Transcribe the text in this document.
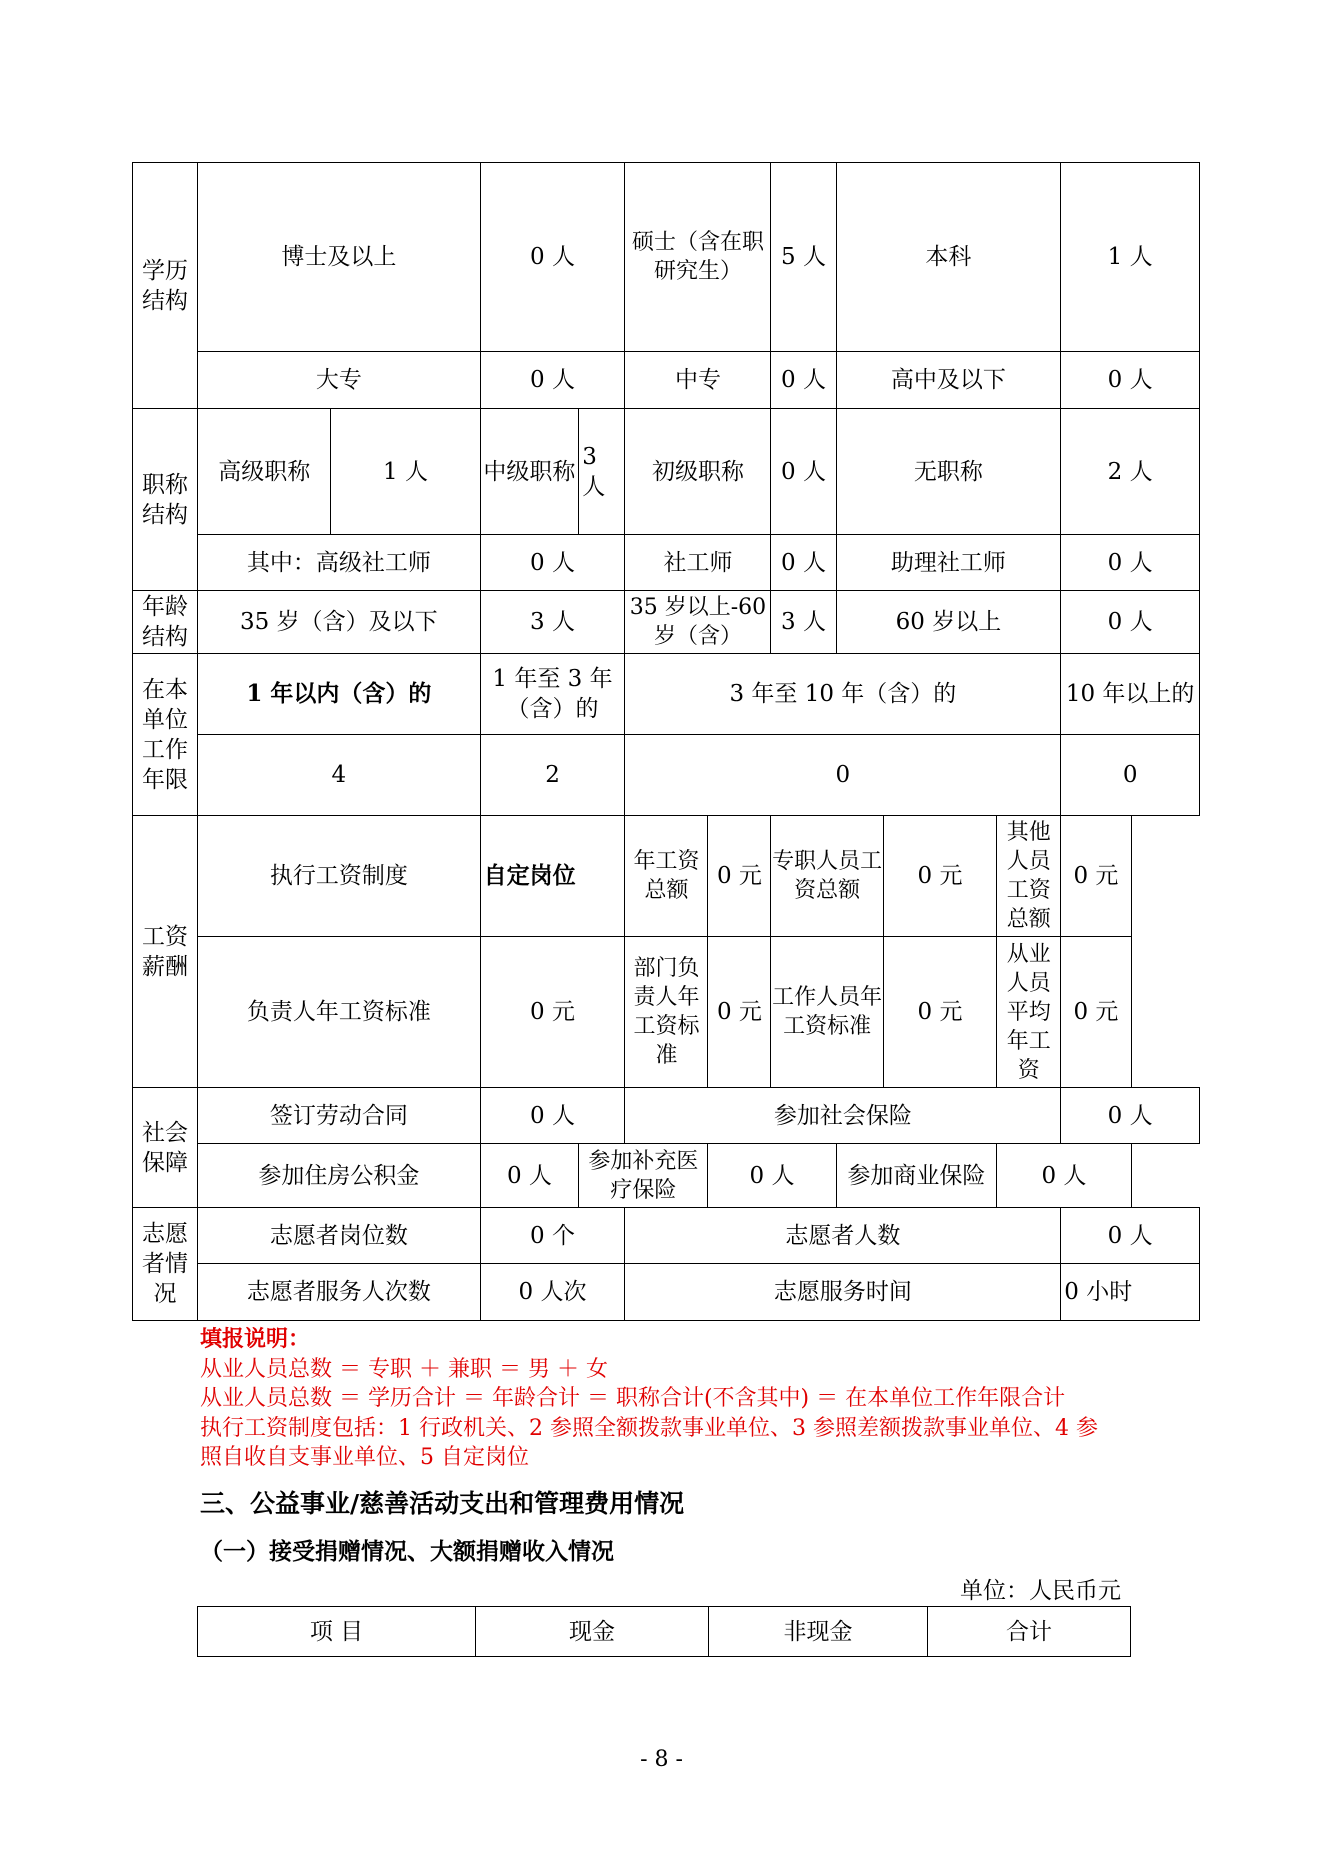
学历结构	博士及以上		0 人		硕士（含在职研究生）		5 人	本科			1 人
	大专		0 人		中专		0 人	高中及以下			0 人
职称结构	高级职称	1 人	中级职称	3 人	初级职称		0 人	无职称			2 人
	其中：高级社工师		0 人		社工师		0 人	助理社工师			0 人
年龄结构	35 岁（含）及以下		3 人		35 岁以上-60 岁（含）		3 人	60 岁以上			0 人
在本单位工作年限	1 年以内（含）的		1 年至 3 年（含）的		3 年至 10 年（含）的						10 年以上的
	4		2		0						0
工资薪酬	执行工资制度		自定岗位		年工资总额	0 元	专职人员工资总额		0 元	其他人员工资总额	0 元
	负责人年工资标准		0 元		部门负责人年工资标准	0 元	工作人员年工资标准		0 元	从业人员平均年工资	0 元
社会保障	签订劳动合同		0 人		参加社会保险						0 人
	参加住房公积金		0 人	参加补充医疗保险		0 人		参加商业保险		0 人	
志愿者情况	志愿者岗位数		0 个		志愿者人数						0 人
	志愿者服务人次数		0 人次		志愿服务时间						0 小时
填报说明：
从业人员总数 ＝ 专职 ＋ 兼职 ＝ 男 ＋ 女
从业人员总数 ＝ 学历合计 ＝ 年龄合计 ＝ 职称合计(不含其中) ＝ 在本单位工作年限合计
执行工资制度包括：1 行政机关、2 参照全额拨款事业单位、3 参照差额拨款事业单位、4 参
照自收自支事业单位、5 自定岗位
三、公益事业/慈善活动支出和管理费用情况
（一）接受捐赠情况、大额捐赠收入情况
单位：人民币元
项 目	现金	非现金	合计
- 8 -
